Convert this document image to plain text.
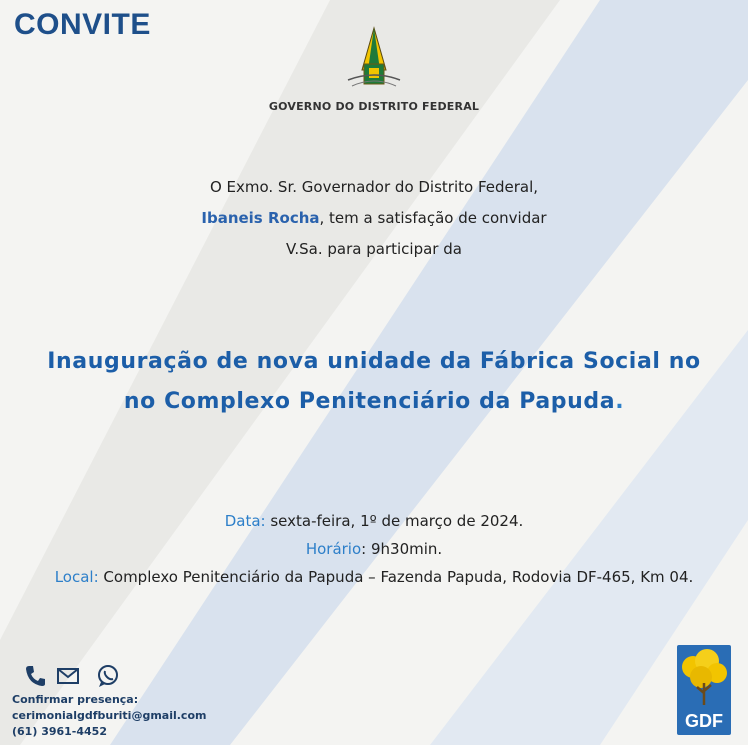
CONVITE
GOVERNO DO DISTRITO FEDERAL
O Exmo. Sr. Governador do Distrito Federal,
Ibaneis Rocha, tem a satisfação de convidar
V.Sa. para participar da
Inauguração de nova unidade da Fábrica Social no
no Complexo Penitenciário da Papuda.
Data: sexta-feira, 1º de março de 2024.
Horário: 9h30min.
Local: Complexo Penitenciário da Papuda – Fazenda Papuda, Rodovia DF-465, Km 04.
Confirmar presença:
cerimonialgdfburiti@gmail.com
(61) 3961-4452
GDF
